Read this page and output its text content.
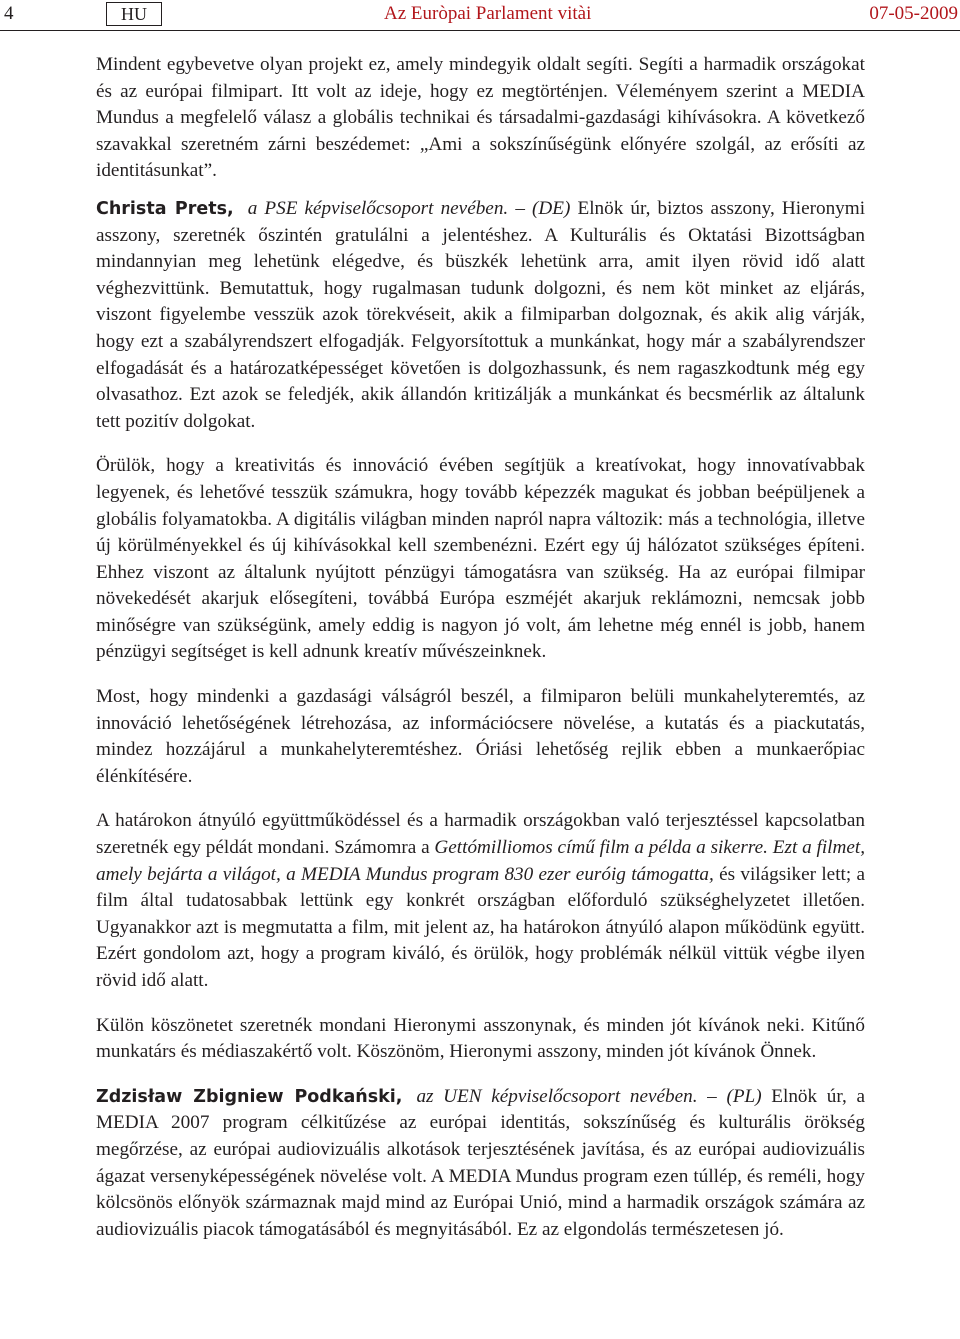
4	HU	Az Euròpai Parlament vitài	07-05-2009

Mindent egybevetve olyan projekt ez, amely mindegyik oldalt segíti. Segíti a harmadik országokat és az európai filmipart. Itt volt az ideje, hogy ez megtörténjen. Véleményem szerint a MEDIA Mundus a megfelelő válasz a globális technikai és társadalmi-gazdasági kihívásokra. A következő szavakkal szeretném zárni beszédemet: „Ami a sokszínűségünk előnyére szolgál, az erősíti az identitásunkat”.

Christa Prets, a PSE képviselőcsoport nevében. – (DE) Elnök úr, biztos asszony, Hieronymi asszony, szeretnék őszintén gratulálni a jelentéshez. A Kulturális és Oktatási Bizottságban mindannyian meg lehetünk elégedve, és büszkék lehetünk arra, amit ilyen rövid idő alatt véghezvittünk. Bemutattuk, hogy rugalmasan tudunk dolgozni, és nem köt minket az eljárás, viszont figyelembe vesszük azok törekvéseit, akik a filmiparban dolgoznak, és akik alig várják, hogy ezt a szabályrendszert elfogadják. Felgyorsítottuk a munkánkat, hogy már a szabályrendszer elfogadását és a határozatképességet követően is dolgozhassunk, és nem ragaszkodtunk még egy olvasathoz. Ezt azok se feledjék, akik állandón kritizálják a munkánkat és becsmérlik az általunk tett pozitív dolgokat.

Örülök, hogy a kreativitás és innováció évében segítjük a kreatívokat, hogy innovatívabbak legyenek, és lehetővé tesszük számukra, hogy tovább képezzék magukat és jobban beépüljenek a globális folyamatokba. A digitális világban minden napról napra változik: más a technológia, illetve új körülményekkel és új kihívásokkal kell szembenézni. Ezért egy új hálózatot szükséges építeni. Ehhez viszont az általunk nyújtott pénzügyi támogatásra van szükség. Ha az európai filmipar növekedését akarjuk elősegíteni, továbbá Európa eszméjét akarjuk reklámozni, nemcsak jobb minőségre van szükségünk, amely eddig is nagyon jó volt, ám lehetne még ennél is jobb, hanem pénzügyi segítséget is kell adnunk kreatív művészeinknek.

Most, hogy mindenki a gazdasági válságról beszél, a filmiparon belüli munkahelyteremtés, az innováció lehetőségének létrehozása, az információcsere növelése, a kutatás és a piackutatás, mindez hozzájárul a munkahelyteremtéshez. Óriási lehetőség rejlik ebben a munkaerőpiac élénkítésére.

A határokon átnyúló együttműködéssel és a harmadik országokban való terjesztéssel kapcsolatban szeretnék egy példát mondani. Számomra a Gettómilliomos című film a példa a sikerre. Ezt a filmet, amely bejárta a világot, a MEDIA Mundus program 830 ezer euróig támogatta, és világsiker lett; a film által tudatosabbak lettünk egy konkrét országban előforduló szükséghelyzetet illetően. Ugyanakkor azt is megmutatta a film, mit jelent az, ha határokon átnyúló alapon működünk együtt. Ezért gondolom azt, hogy a program kiváló, és örülök, hogy problémák nélkül vittük végbe ilyen rövid idő alatt.

Külön köszönetet szeretnék mondani Hieronymi asszonynak, és minden jót kívánok neki. Kitűnő munkatárs és médiaszakértő volt. Köszönöm, Hieronymi asszony, minden jót kívánok Önnek.

Zdzisław Zbigniew Podkański, az UEN képviselőcsoport nevében. – (PL) Elnök úr, a MEDIA 2007 program célkitűzése az európai identitás, sokszínűség és kulturális örökség megőrzése, az európai audiovizuális alkotások terjesztésének javítása, és az európai audiovizuális ágazat versenyképességének növelése volt. A MEDIA Mundus program ezen túllép, és reméli, hogy kölcsönös előnyök származnak majd mind az Európai Unió, mind a harmadik országok számára az audiovizuális piacok támogatásából és megnyitásából. Ez az elgondolás természetesen jó.
